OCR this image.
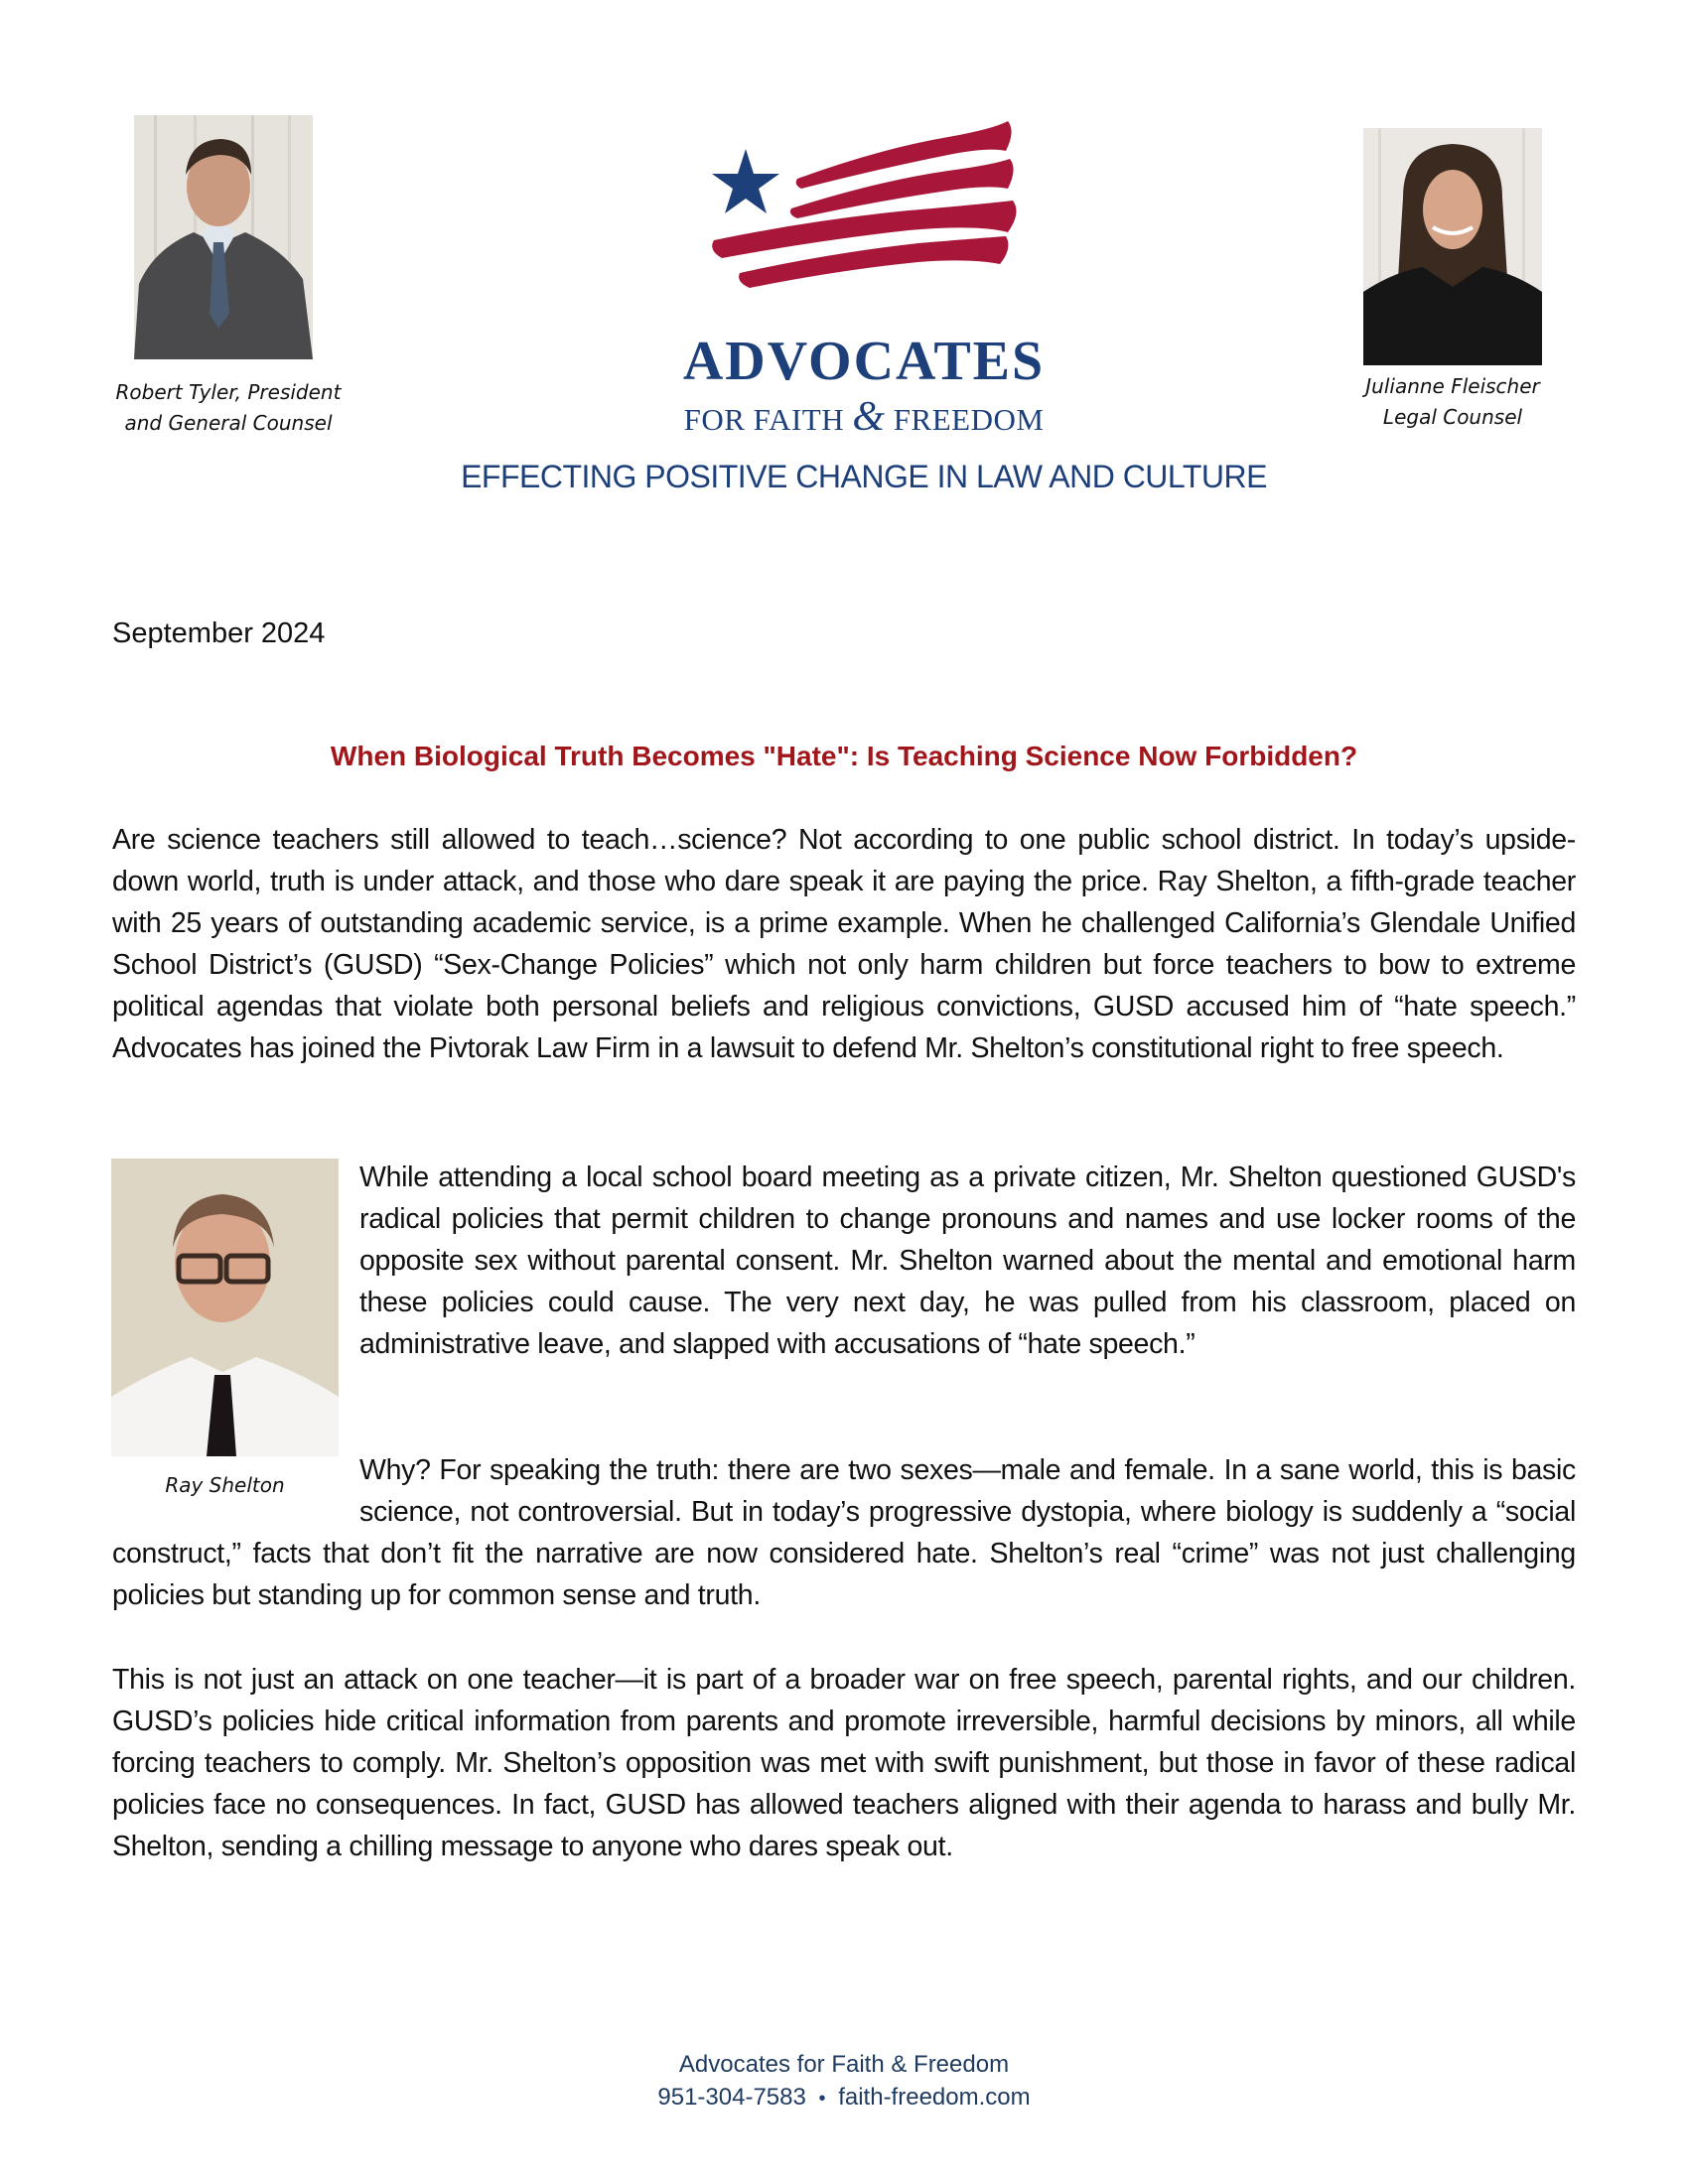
Robert Tyler, President
and General Counsel
ADVOCATES
FOR FAITH & FREEDOM
EFFECTING POSITIVE CHANGE IN LAW AND CULTURE
Julianne Fleischer
Legal Counsel
September 2024
When Biological Truth Becomes "Hate": Is Teaching Science Now Forbidden?

Are science teachers still allowed to teach…science? Not according to one public school district. In today’s upside-down world, truth is under attack, and those who dare speak it are paying the price. Ray Shelton, a fifth-grade teacher with 25 years of outstanding academic service, is a prime example. When he challenged California’s Glendale Unified School District’s (GUSD) “Sex-Change Policies” which not only harm children but force teachers to bow to extreme political agendas that violate both personal beliefs and religious convictions, GUSD accused him of “hate speech.” Advocates has joined the Pivtorak Law Firm in a lawsuit to defend Mr. Shelton’s constitutional right to free speech.

Ray Shelton

While attending a local school board meeting as a private citizen, Mr. Shelton questioned GUSD's radical policies that permit children to change pronouns and names and use locker rooms of the opposite sex without parental consent. Mr. Shelton warned about the mental and emotional harm these policies could cause. The very next day, he was pulled from his classroom, placed on administrative leave, and slapped with accusations of “hate speech.”

Why? For speaking the truth: there are two sexes—male and female. In a sane world, this is basic science, not controversial. But in today’s progressive dystopia, where biology is suddenly a “social construct,” facts that don’t fit the narrative are now considered hate. Shelton’s real “crime” was not just challenging policies but standing up for common sense and truth.

This is not just an attack on one teacher—it is part of a broader war on free speech, parental rights, and our children. GUSD’s policies hide critical information from parents and promote irreversible, harmful decisions by minors, all while forcing teachers to comply. Mr. Shelton’s opposition was met with swift punishment, but those in favor of these radical policies face no consequences. In fact, GUSD has allowed teachers aligned with their agenda to harass and bully Mr. Shelton, sending a chilling message to anyone who dares speak out.

Advocates for Faith & Freedom
951-304-7583 • faith-freedom.com
